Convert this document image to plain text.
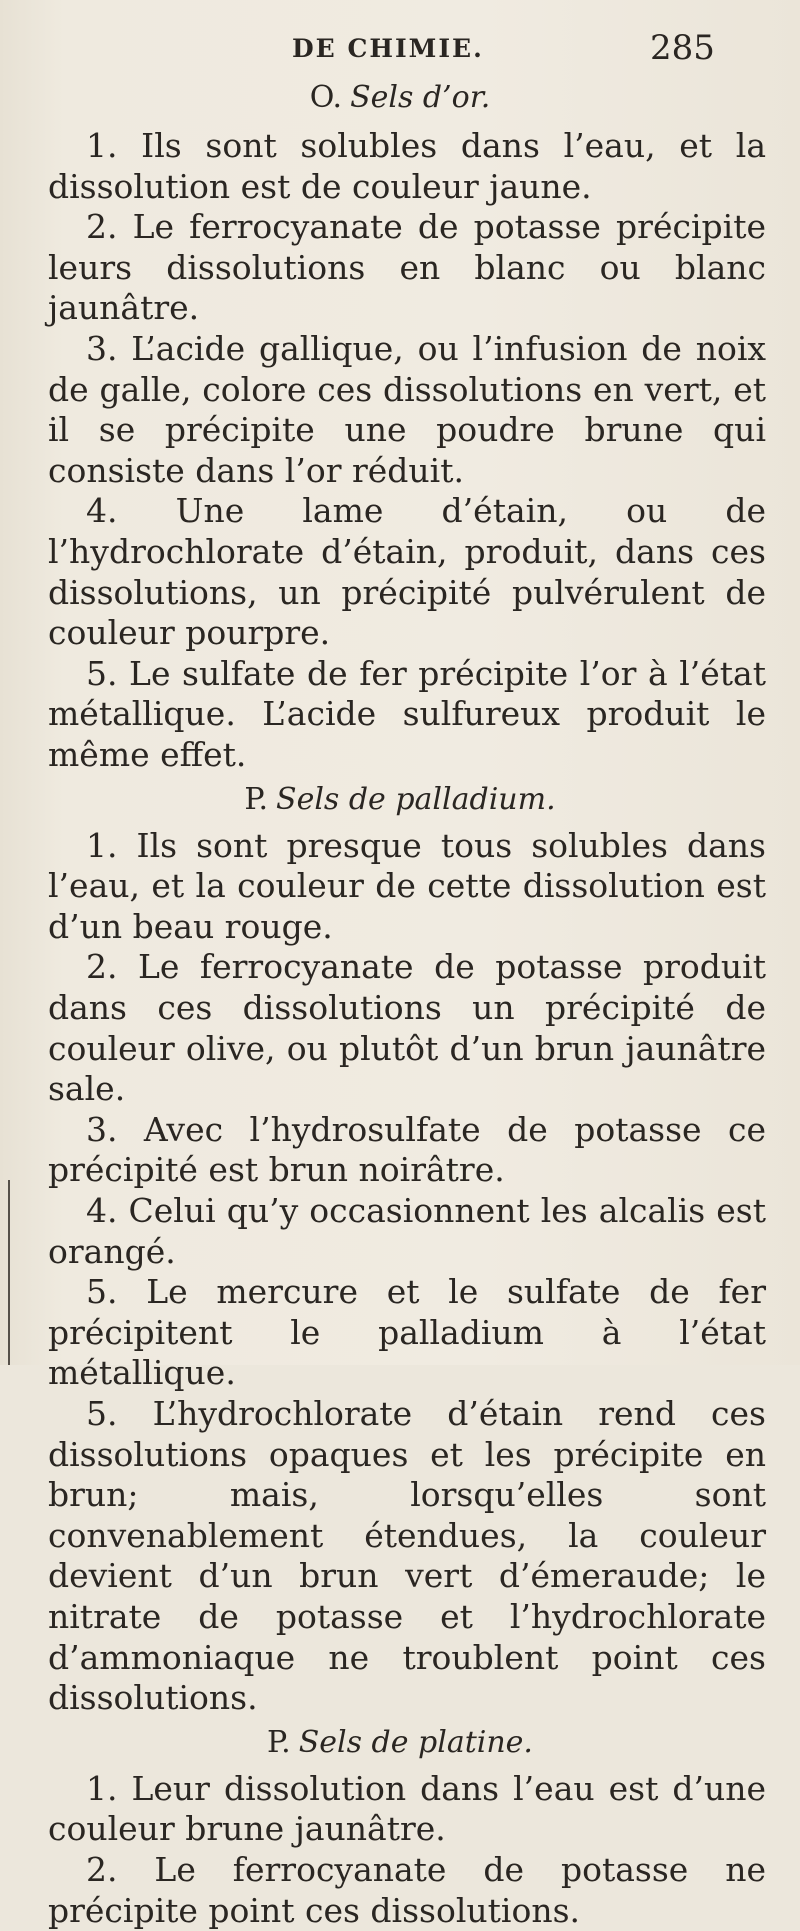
DE CHIMIE.	285
O. Sels d’or.

1. Ils sont solubles dans l’eau, et la dissolution est de couleur jaune.

2. Le ferrocyanate de potasse précipite leurs dissolutions en blanc ou blanc jaunâtre.

3. L’acide gallique, ou l’infusion de noix de galle, colore ces dissolutions en vert, et il se précipite une poudre brune qui consiste dans l’or réduit.

4. Une lame d’étain, ou de l’hydrochlorate d’étain, produit, dans ces dissolutions, un précipité pulvérulent de couleur pourpre.

5. Le sulfate de fer précipite l’or à l’état métallique. L’acide sulfureux produit le même effet.

P. Sels de palladium.

1. Ils sont presque tous solubles dans l’eau, et la couleur de cette dissolution est d’un beau rouge.

2. Le ferrocyanate de potasse produit dans ces dissolutions un précipité de couleur olive, ou plutôt d’un brun jaunâtre sale.

3. Avec l’hydrosulfate de potasse ce précipité est brun noirâtre.

4. Celui qu’y occasionnent les alcalis est orangé.

5. Le mercure et le sulfate de fer précipitent le palladium à l’état métallique.

5. L’hydrochlorate d’étain rend ces dissolutions opaques et les précipite en brun; mais, lorsqu’elles sont convenablement étendues, la couleur devient d’un brun vert d’émeraude; le nitrate de potasse et l’hydrochlorate d’ammoniaque ne troublent point ces dissolutions.

P. Sels de platine.

1. Leur dissolution dans l’eau est d’une couleur brune jaunâtre.

2. Le ferrocyanate de potasse ne précipite point ces dissolutions.
